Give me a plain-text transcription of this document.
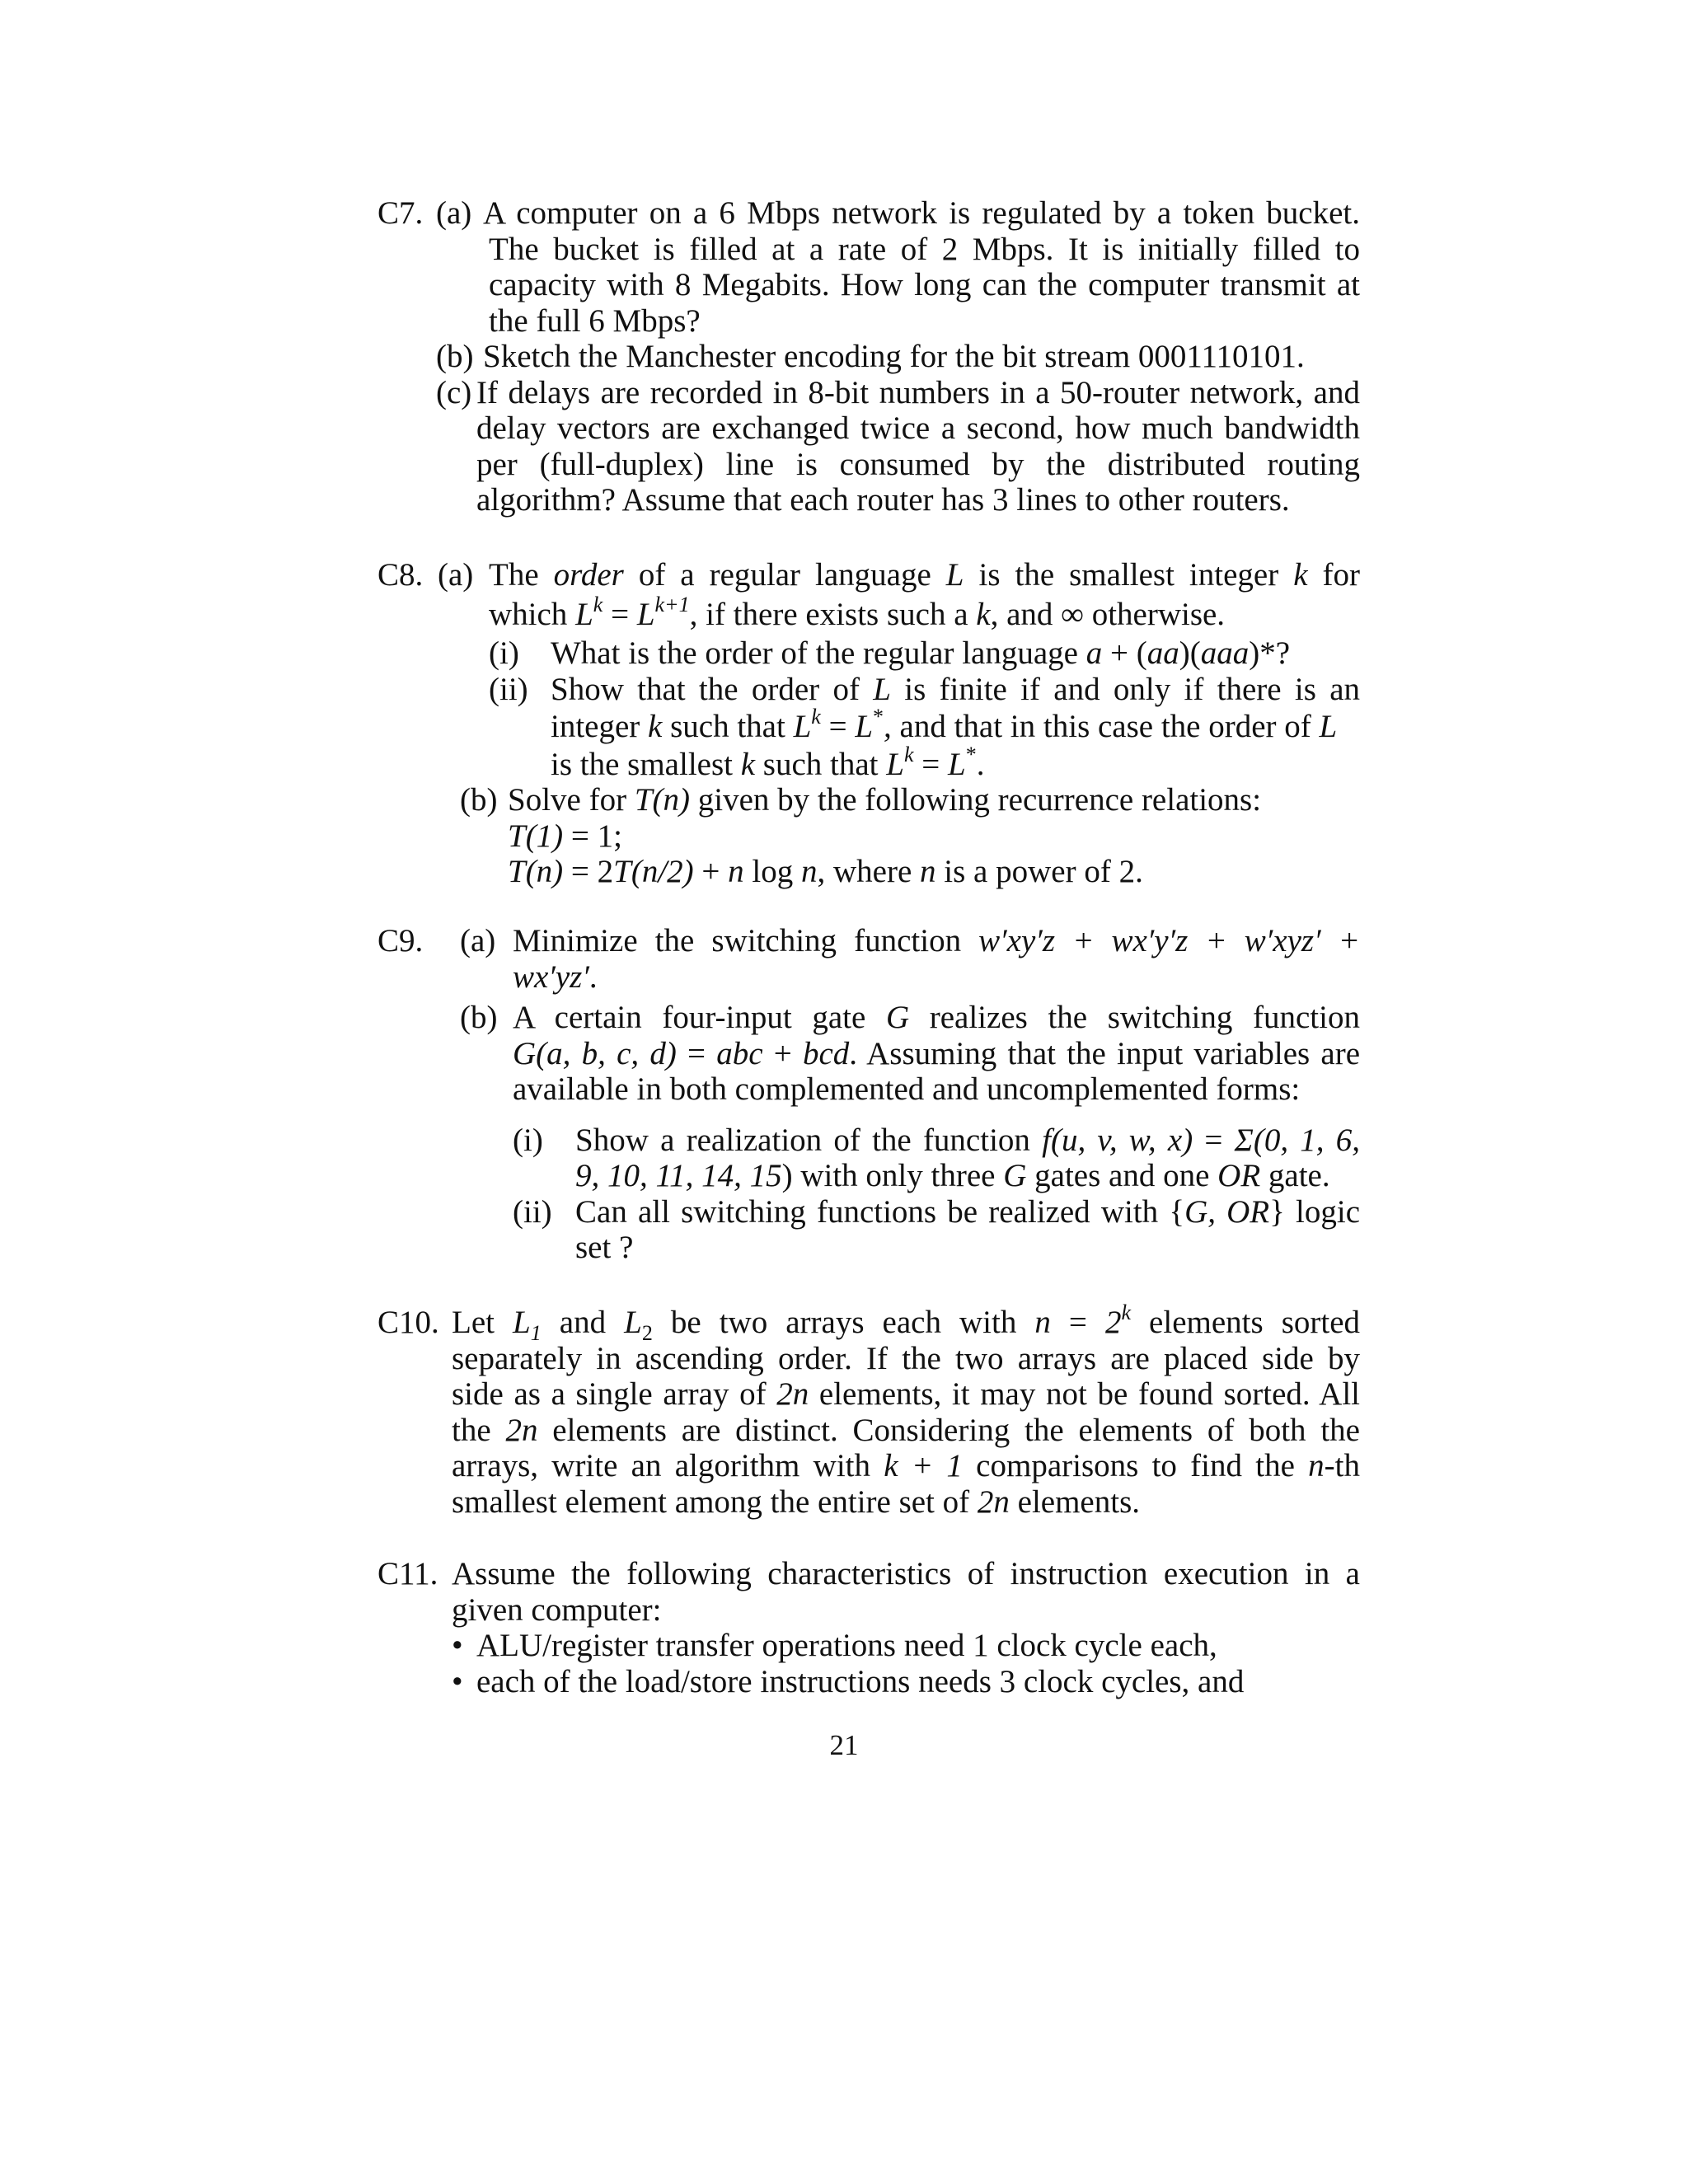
C7. (a) A computer on a 6 Mbps network is regulated by a token bucket.
The bucket is filled at a rate of 2 Mbps. It is initially filled to
capacity with 8 Megabits. How long can the computer transmit at
the full 6 Mbps?
(b) Sketch the Manchester encoding for the bit stream 0001110101.
(c) If delays are recorded in 8-bit numbers in a 50-router network, and
delay vectors are exchanged twice a second, how much bandwidth
per (full-duplex) line is consumed by the distributed routing
algorithm? Assume that each router has 3 lines to other routers.
C8. (a) The order of a regular language L is the smallest integer k for
which $L^k = L^{k+1}$, if there exists such a k, and ∞ otherwise.
(i) What is the order of the regular language a + (aa)(aaa)*?
(ii) Show that the order of L is finite if and only if there is an
integer k such that $L^k = L^*$, and that in this case the order of L
is the smallest k such that $L^k = L^*$.
(b) Solve for T(n) given by the following recurrence relations:
T(1) = 1;
T(n) = 2T(n/2) + n log n, where n is a power of 2.
C9. (a) Minimize the switching function w′xy′z + wx′y′z + w′xyz′ +
wx′yz′.
(b) A certain four-input gate G realizes the switching function
G(a, b, c, d) = abc + bcd. Assuming that the input variables are
available in both complemented and uncomplemented forms:
(i) Show a realization of the function f(u, v, w, x) = Σ(0, 1, 6,
9, 10, 11, 14, 15) with only three G gates and one OR gate.
(ii) Can all switching functions be realized with {G, OR} logic
set ?
C10. Let $L_1$ and $L_2$ be two arrays each with $n = 2^k$ elements sorted
separately in ascending order. If the two arrays are placed side by
side as a single array of 2n elements, it may not be found sorted. All
the 2n elements are distinct. Considering the elements of both the
arrays, write an algorithm with k + 1 comparisons to find the n-th
smallest element among the entire set of 2n elements.
C11. Assume the following characteristics of instruction execution in a
given computer:
• ALU/register transfer operations need 1 clock cycle each,
• each of the load/store instructions needs 3 clock cycles, and
21
